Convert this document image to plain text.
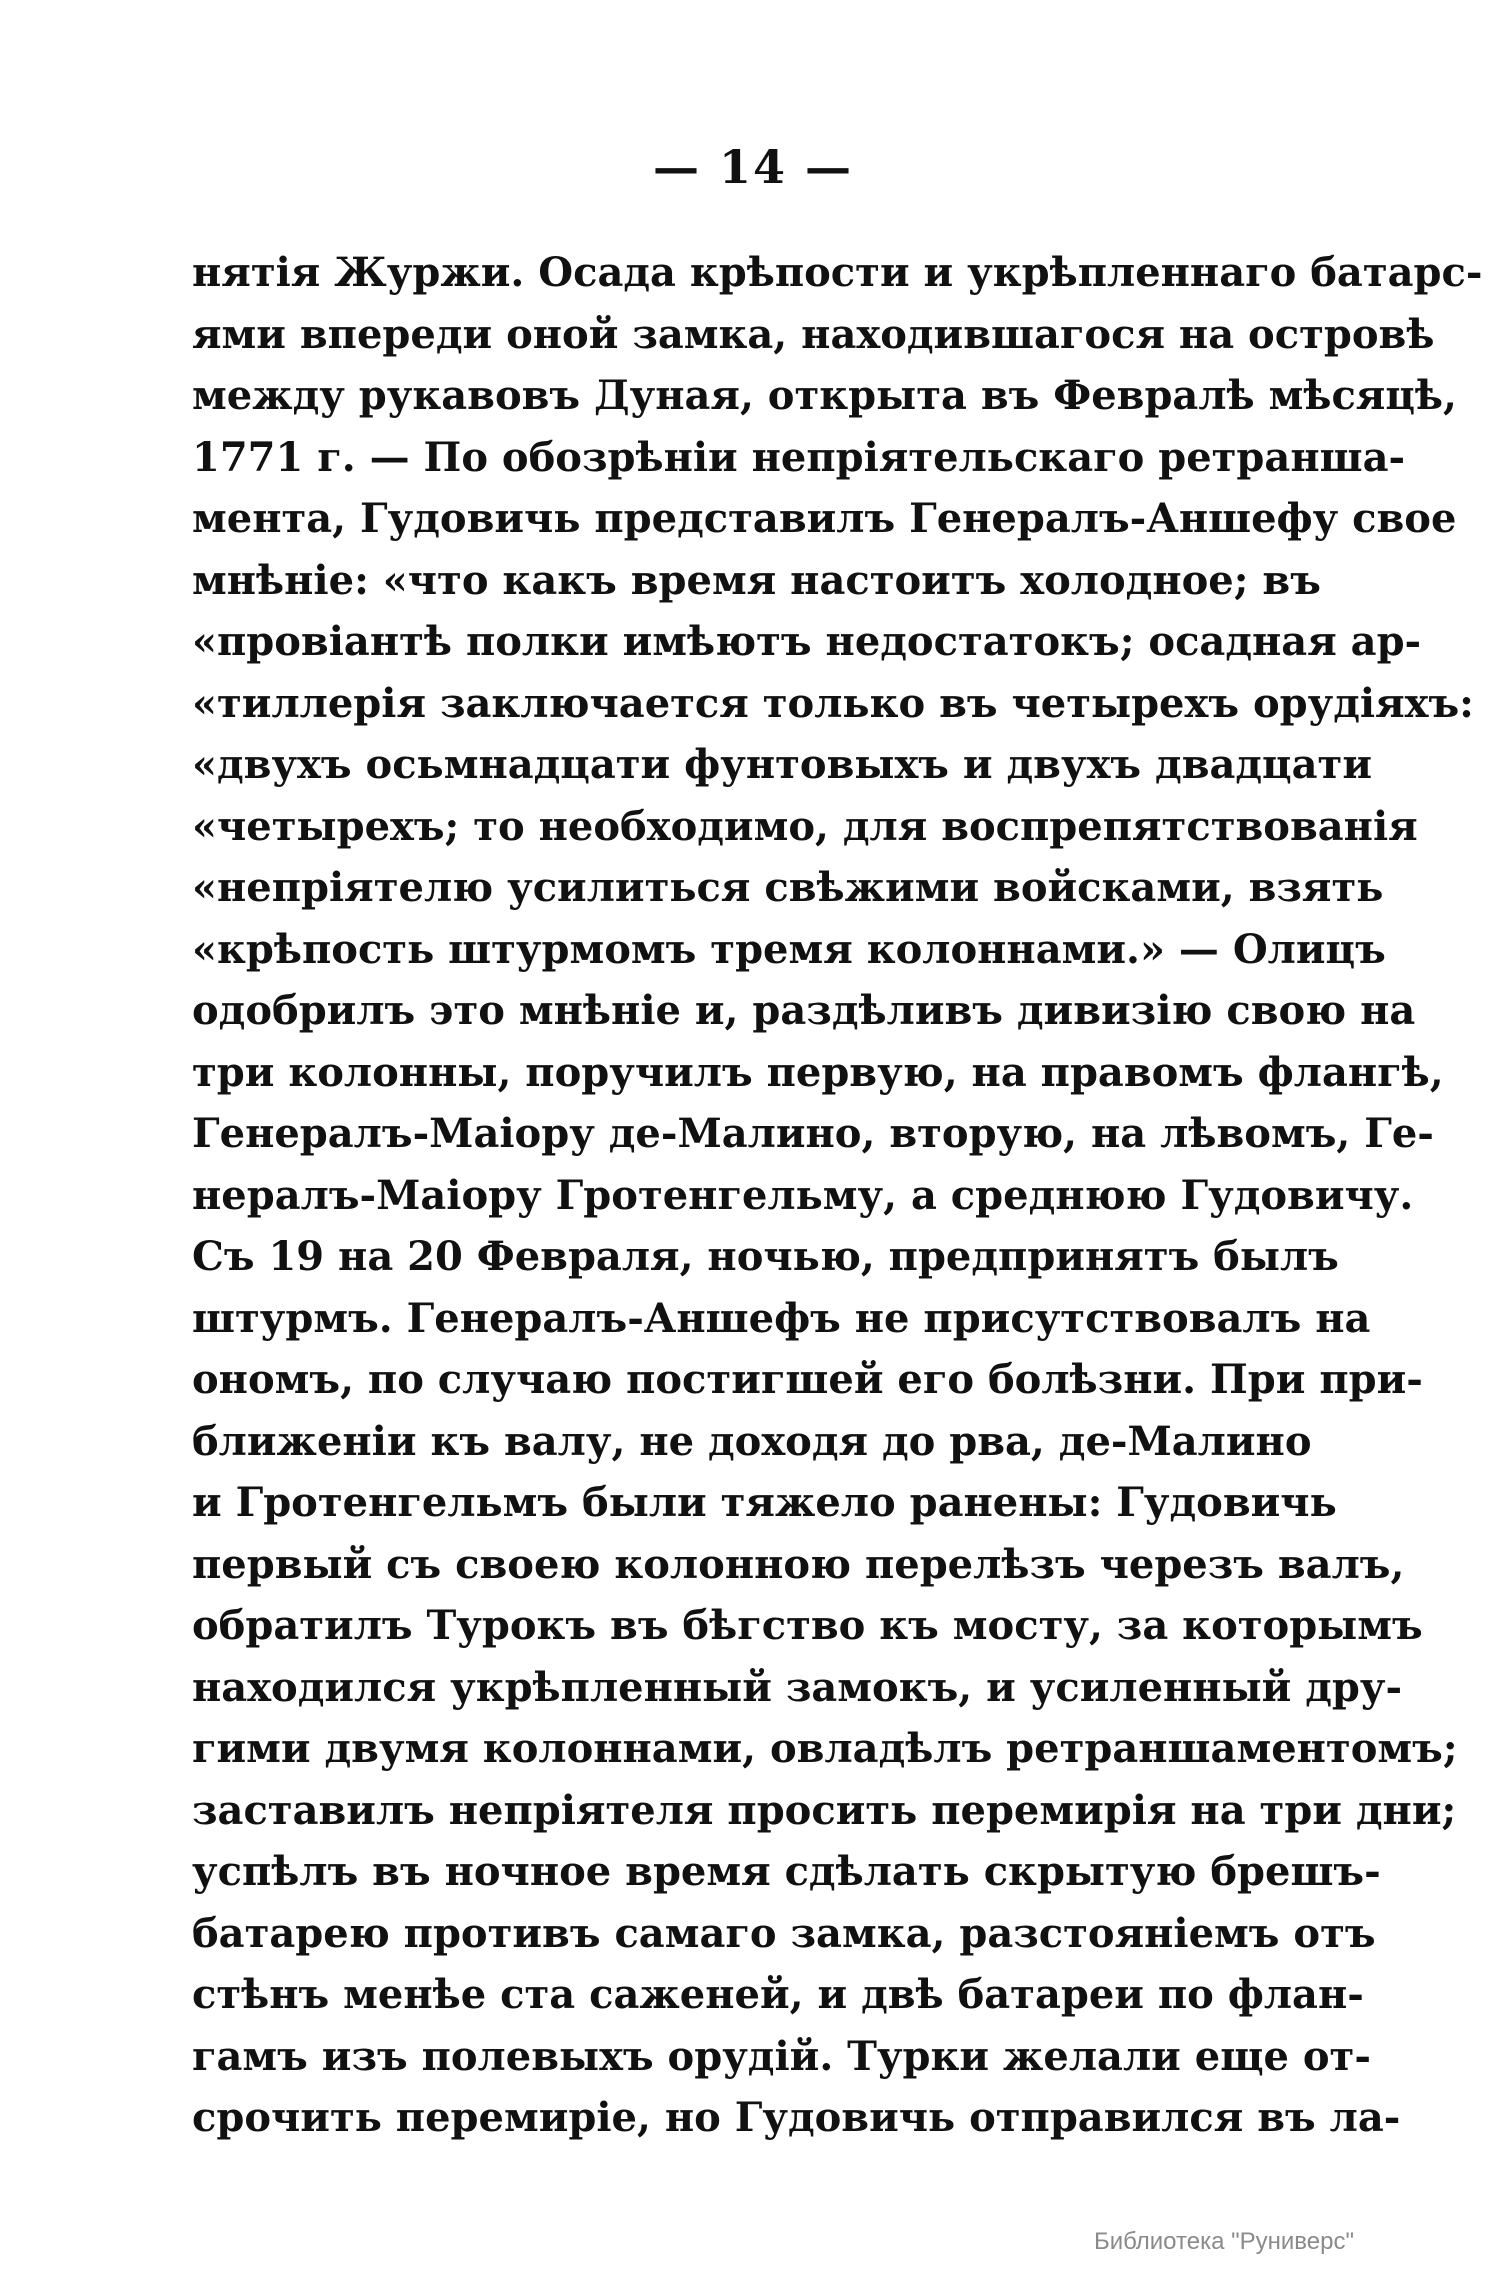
— 14 —
нятія Журжи. Осада крѣпости и укрѣпленнаго батарс-
ями впереди оной замка, находившагося на островѣ
между рукавовъ Дуная, открыта въ Февралѣ мѣсяцѣ,
1771 г. — По обозрѣніи непріятельскаго ретранша-
мента, Гудовичь представилъ Генералъ-Аншефу свое
мнѣніе: «что какъ время настоитъ холодное; въ
«провіантѣ полки имѣютъ недостатокъ; осадная ар-
«тиллерія заключается только въ четырехъ орудіяхъ:
«двухъ осьмнадцати фунтовыхъ и двухъ двадцати
«четырехъ; то необходимо, для воспрепятствованія
«непріятелю усилиться свѣжими войсками, взять
«крѣпость штурмомъ тремя колоннами.» — Олицъ
одобрилъ это мнѣніе и, раздѣливъ дивизію свою на
три колонны, поручилъ первую, на правомъ флангѣ,
Генералъ-Маіору де-Малино, вторую, на лѣвомъ, Ге-
нералъ-Маіору Гротенгельму, а среднюю Гудовичу.
Съ 19 на 20 Февраля, ночью, предпринятъ былъ
штурмъ. Генералъ-Аншефъ не присутствовалъ на
ономъ, по случаю постигшей его болѣзни. При при-
ближеніи къ валу, не доходя до рва, де-Малино
и Гротенгельмъ были тяжело ранены: Гудовичь
первый съ своею колонною перелѣзъ черезъ валъ,
обратилъ Турокъ въ бѣгство къ мосту, за которымъ
находился укрѣпленный замокъ, и усиленный дру-
гими двумя колоннами, овладѣлъ ретраншаментомъ;
заставилъ непріятеля просить перемирія на три дни;
успѣлъ въ ночное время сдѣлать скрытую брешъ-
батарею противъ самаго замка, разстояніемъ отъ
стѣнъ менѣе ста саженей, и двѣ батареи по флан-
гамъ изъ полевыхъ орудій. Турки желали еще от-
срочить перемиріе, но Гудовичь отправился въ ла-
Библиотека "Руниверс"
